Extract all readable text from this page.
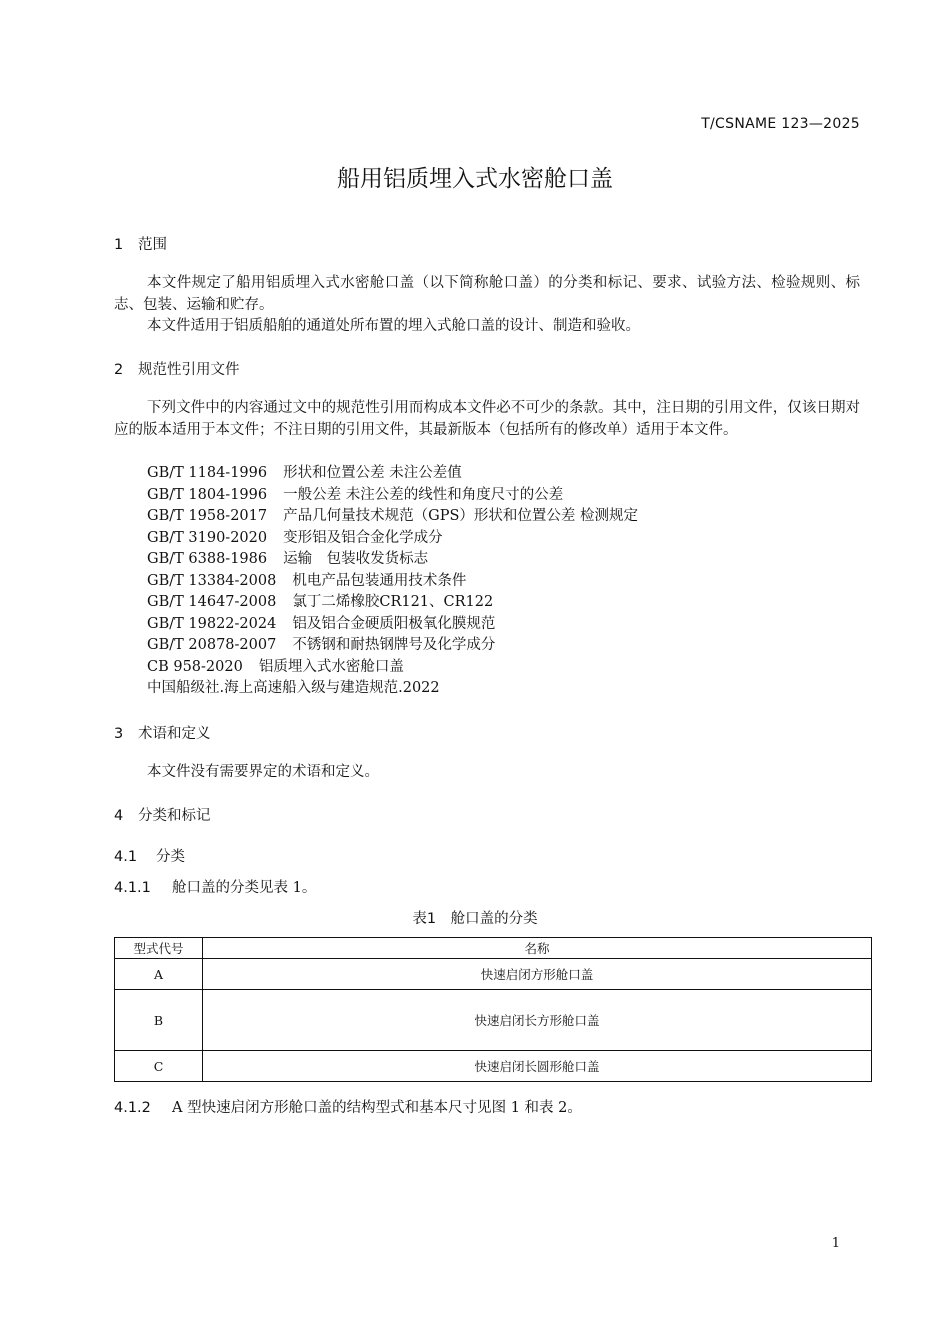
T/CSNAME 123—2025
船用铝质埋入式水密舱口盖
1 范围
本文件规定了船用铝质埋入式水密舱口盖（以下简称舱口盖）的分类和标记、要求、试验方法、检验规则、标志、包装、运输和贮存。
本文件适用于铝质船舶的通道处所布置的埋入式舱口盖的设计、制造和验收。
2 规范性引用文件
下列文件中的内容通过文中的规范性引用而构成本文件必不可少的条款。其中，注日期的引用文件，仅该日期对应的版本适用于本文件；不注日期的引用文件，其最新版本（包括所有的修改单）适用于本文件。
GB/T 1184-1996 形状和位置公差 未注公差值
GB/T 1804-1996 一般公差 未注公差的线性和角度尺寸的公差
GB/T 1958-2017 产品几何量技术规范（GPS）形状和位置公差 检测规定
GB/T 3190-2020 变形铝及铝合金化学成分
GB/T 6388-1986 运输　包装收发货标志
GB/T 13384-2008 机电产品包装通用技术条件
GB/T 14647-2008 氯丁二烯橡胶CR121、CR122
GB/T 19822-2024 铝及铝合金硬质阳极氧化膜规范
GB/T 20878-2007 不锈钢和耐热钢牌号及化学成分
CB 958-2020 铝质埋入式水密舱口盖
中国船级社.海上高速船入级与建造规范.2022
3 术语和定义
本文件没有需要界定的术语和定义。
4 分类和标记
4.1 分类
4.1.1 舱口盖的分类见表 1。
表1　舱口盖的分类
型式代号	名称
A	快速启闭方形舱口盖
B	快速启闭长方形舱口盖
C	快速启闭长圆形舱口盖
4.1.2 A 型快速启闭方形舱口盖的结构型式和基本尺寸见图 1 和表 2。
1
